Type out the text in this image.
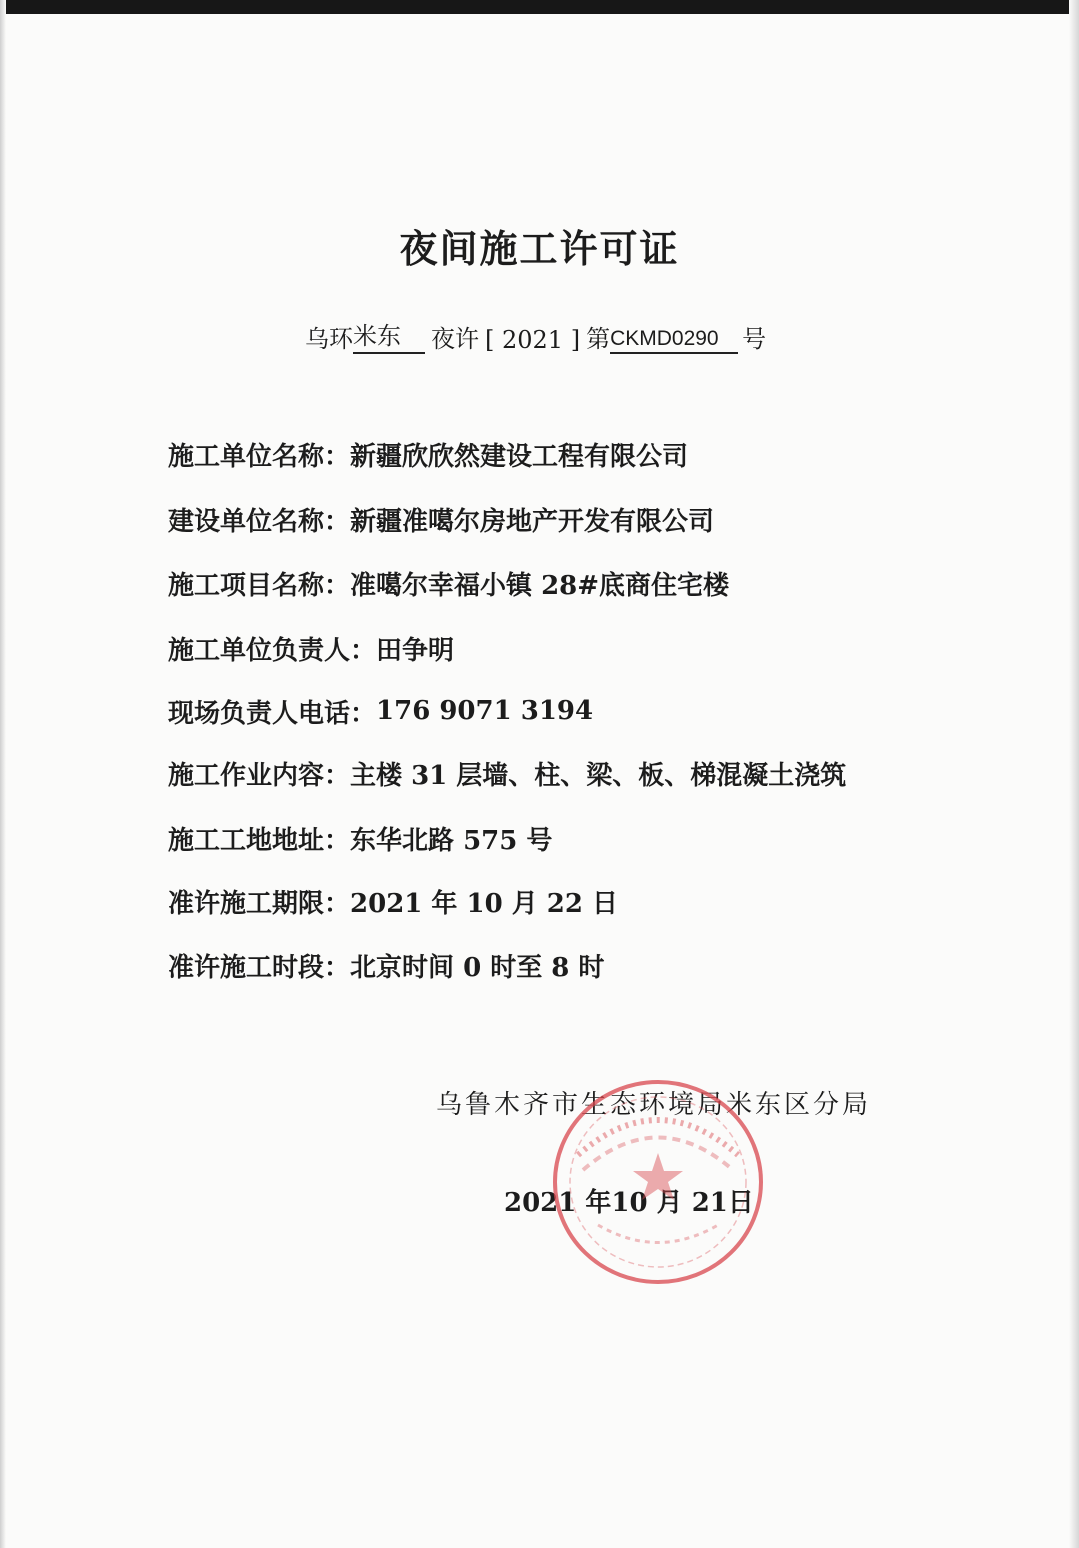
夜间施工许可证
乌环 米东	夜许 [ 2021 ] 第 CKMD0290 号
施工单位名称： 新疆欣欣然建设工程有限公司
建设单位名称： 新疆准噶尔房地产开发有限公司
施工项目名称： 准噶尔幸福小镇 28#底商住宅楼
施工单位负责人： 田争明
现场负责人电话： 176 9071 3194
施工作业内容： 主楼 31 层墙、柱、梁、板、梯混凝土浇筑
施工工地地址： 东华北路 575 号
准许施工期限： 2021 年 10 月 22 日
准许施工时段： 北京时间 0 时至 8 时
乌鲁木齐市生态环境局米东区分局
2021 年10 月 21日
